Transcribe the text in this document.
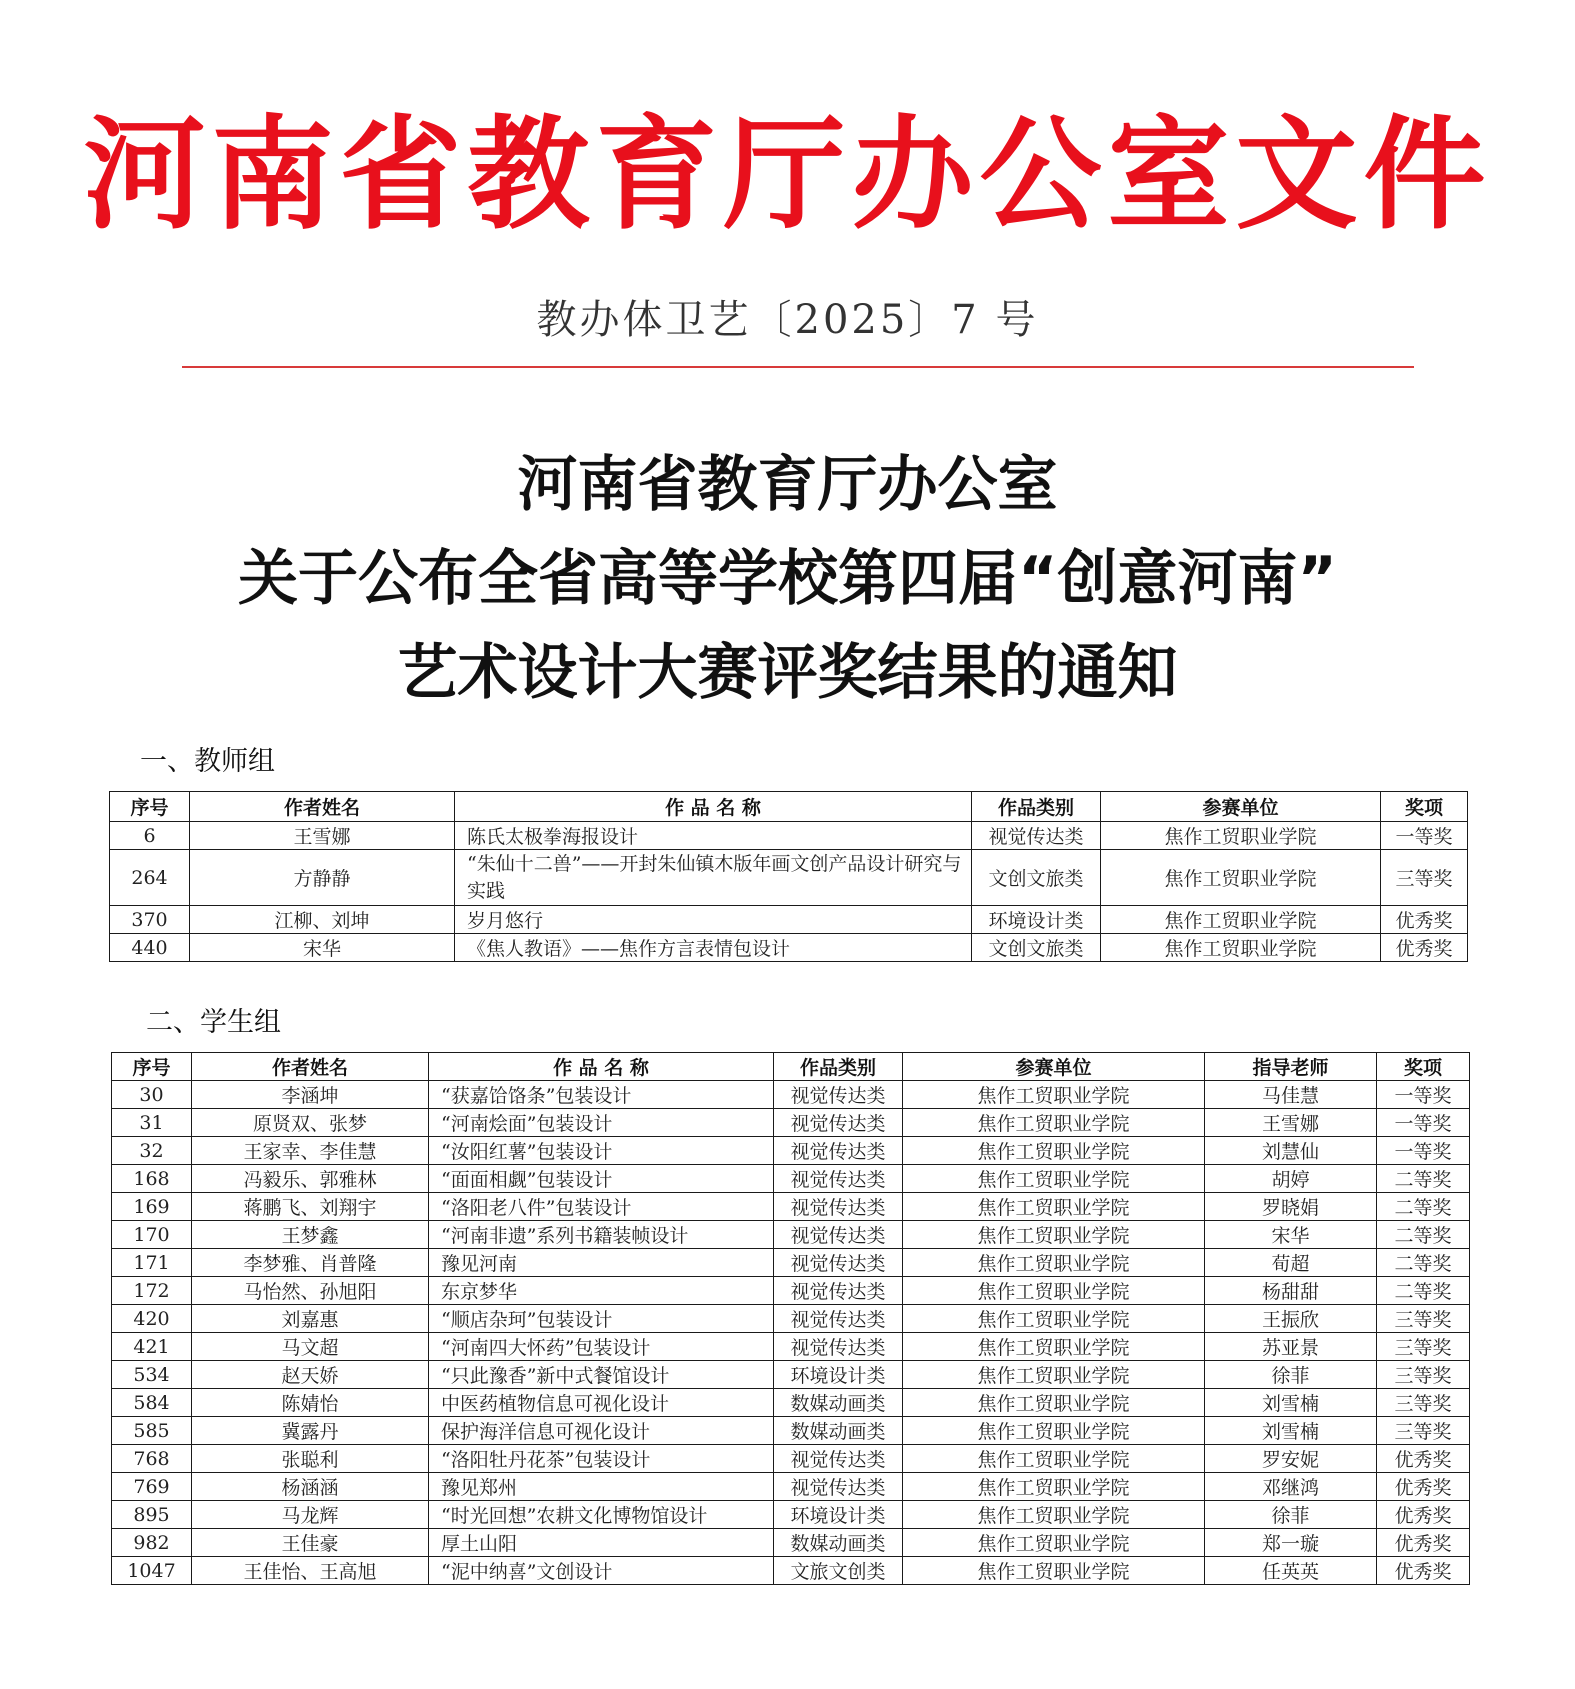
河南省教育厅办公室文件
教办体卫艺〔2025〕7 号
河南省教育厅办公室
关于公布全省高等学校第四届“创意河南”
艺术设计大赛评奖结果的通知
一、教师组
序号	作者姓名	作 品 名 称	作品类别	参赛单位	奖项
6	王雪娜	陈氏太极拳海报设计	视觉传达类	焦作工贸职业学院	一等奖
264	方静静	“朱仙十二兽”——开封朱仙镇木版年画文创产品设计研究与实践	文创文旅类	焦作工贸职业学院	三等奖
370	江柳、刘坤	岁月悠行	环境设计类	焦作工贸职业学院	优秀奖
440	宋华	《焦人教语》——焦作方言表情包设计	文创文旅类	焦作工贸职业学院	优秀奖
二、学生组
序号	作者姓名	作 品 名 称	作品类别	参赛单位	指导老师	奖项
30	李涵坤	“获嘉饸饹条”包装设计	视觉传达类	焦作工贸职业学院	马佳慧	一等奖
31	原贤双、张梦	“河南烩面”包装设计	视觉传达类	焦作工贸职业学院	王雪娜	一等奖
32	王家幸、李佳慧	“汝阳红薯”包装设计	视觉传达类	焦作工贸职业学院	刘慧仙	一等奖
168	冯毅乐、郭雅林	“面面相觑”包装设计	视觉传达类	焦作工贸职业学院	胡婷	二等奖
169	蒋鹏飞、刘翔宇	“洛阳老八件”包装设计	视觉传达类	焦作工贸职业学院	罗晓娟	二等奖
170	王梦鑫	“河南非遗”系列书籍装帧设计	视觉传达类	焦作工贸职业学院	宋华	二等奖
171	李梦雅、肖普隆	豫见河南	视觉传达类	焦作工贸职业学院	荀超	二等奖
172	马怡然、孙旭阳	东京梦华	视觉传达类	焦作工贸职业学院	杨甜甜	二等奖
420	刘嘉惠	“顺店杂珂”包装设计	视觉传达类	焦作工贸职业学院	王振欣	三等奖
421	马文超	“河南四大怀药”包装设计	视觉传达类	焦作工贸职业学院	苏亚景	三等奖
534	赵天娇	“只此豫香”新中式餐馆设计	环境设计类	焦作工贸职业学院	徐菲	三等奖
584	陈婧怡	中医药植物信息可视化设计	数媒动画类	焦作工贸职业学院	刘雪楠	三等奖
585	冀露丹	保护海洋信息可视化设计	数媒动画类	焦作工贸职业学院	刘雪楠	三等奖
768	张聪利	“洛阳牡丹花茶”包装设计	视觉传达类	焦作工贸职业学院	罗安妮	优秀奖
769	杨涵涵	豫见郑州	视觉传达类	焦作工贸职业学院	邓继鸿	优秀奖
895	马龙辉	“时光回想”农耕文化博物馆设计	环境设计类	焦作工贸职业学院	徐菲	优秀奖
982	王佳豪	厚土山阳	数媒动画类	焦作工贸职业学院	郑一璇	优秀奖
1047	王佳怡、王高旭	“泥中纳喜”文创设计	文旅文创类	焦作工贸职业学院	任英英	优秀奖
